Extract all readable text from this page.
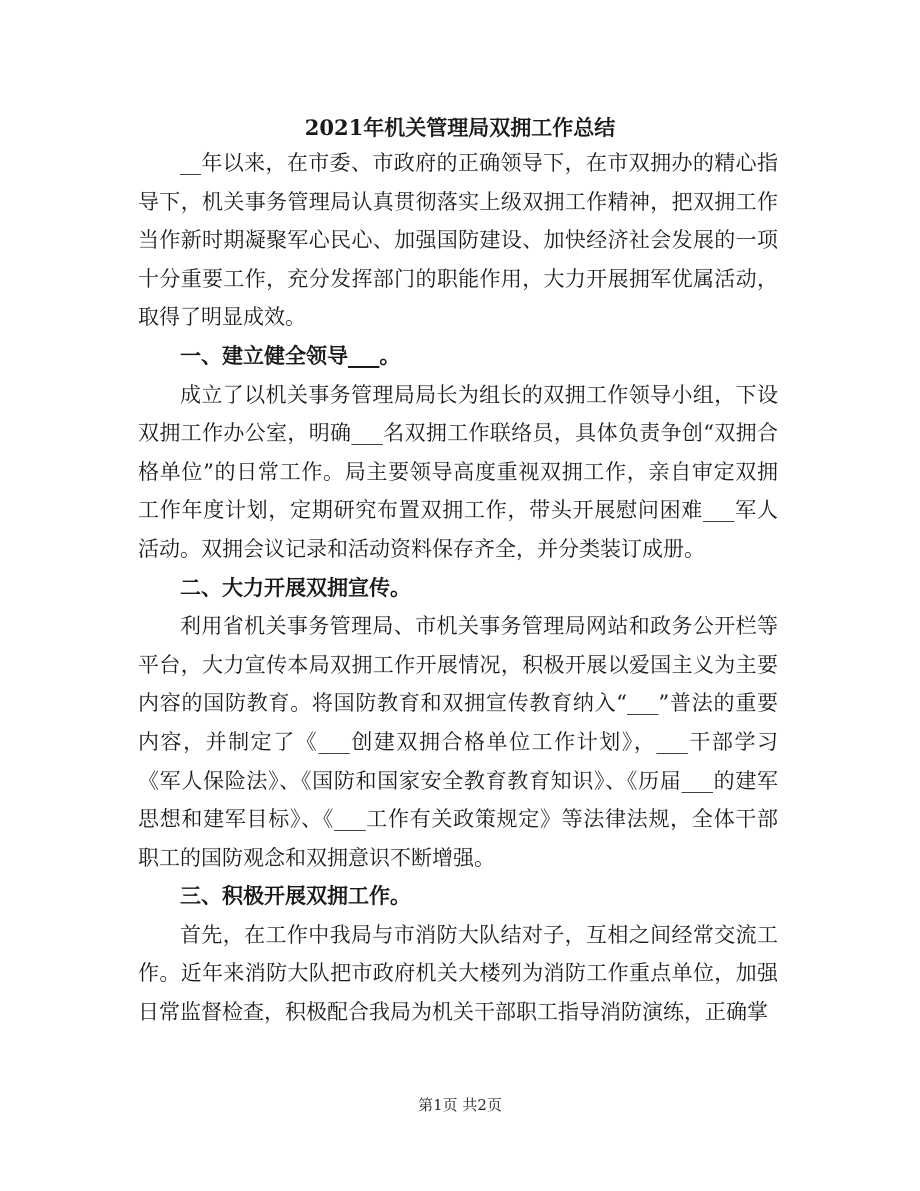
2021年机关管理局双拥工作总结

__年以来，在市委、市政府的正确领导下，在市双拥办的精心指导下，机关事务管理局认真贯彻落实上级双拥工作精神，把双拥工作当作新时期凝聚军心民心、加强国防建设、加快经济社会发展的一项十分重要工作，充分发挥部门的职能作用，大力开展拥军优属活动，取得了明显成效。

一、建立健全领导___。

成立了以机关事务管理局局长为组长的双拥工作领导小组，下设双拥工作办公室，明确___名双拥工作联络员，具体负责争创“双拥合格单位”的日常工作。局主要领导高度重视双拥工作，亲自审定双拥工作年度计划，定期研究布置双拥工作，带头开展慰问困难___军人活动。双拥会议记录和活动资料保存齐全，并分类装订成册。

二、大力开展双拥宣传。

利用省机关事务管理局、市机关事务管理局网站和政务公开栏等平台，大力宣传本局双拥工作开展情况，积极开展以爱国主义为主要内容的国防教育。将国防教育和双拥宣传教育纳入“___”普法的重要内容，并制定了《___创建双拥合格单位工作计划》，___干部学习《军人保险法》、《国防和国家安全教育教育知识》、《历届___的建军思想和建军目标》、《___工作有关政策规定》等法律法规，全体干部职工的国防观念和双拥意识不断增强。

三、积极开展双拥工作。

首先，在工作中我局与市消防大队结对子，互相之间经常交流工作。近年来消防大队把市政府机关大楼列为消防工作重点单位，加强日常监督检查，积极配合我局为机关干部职工指导消防演练，正确掌

第1页 共2页
